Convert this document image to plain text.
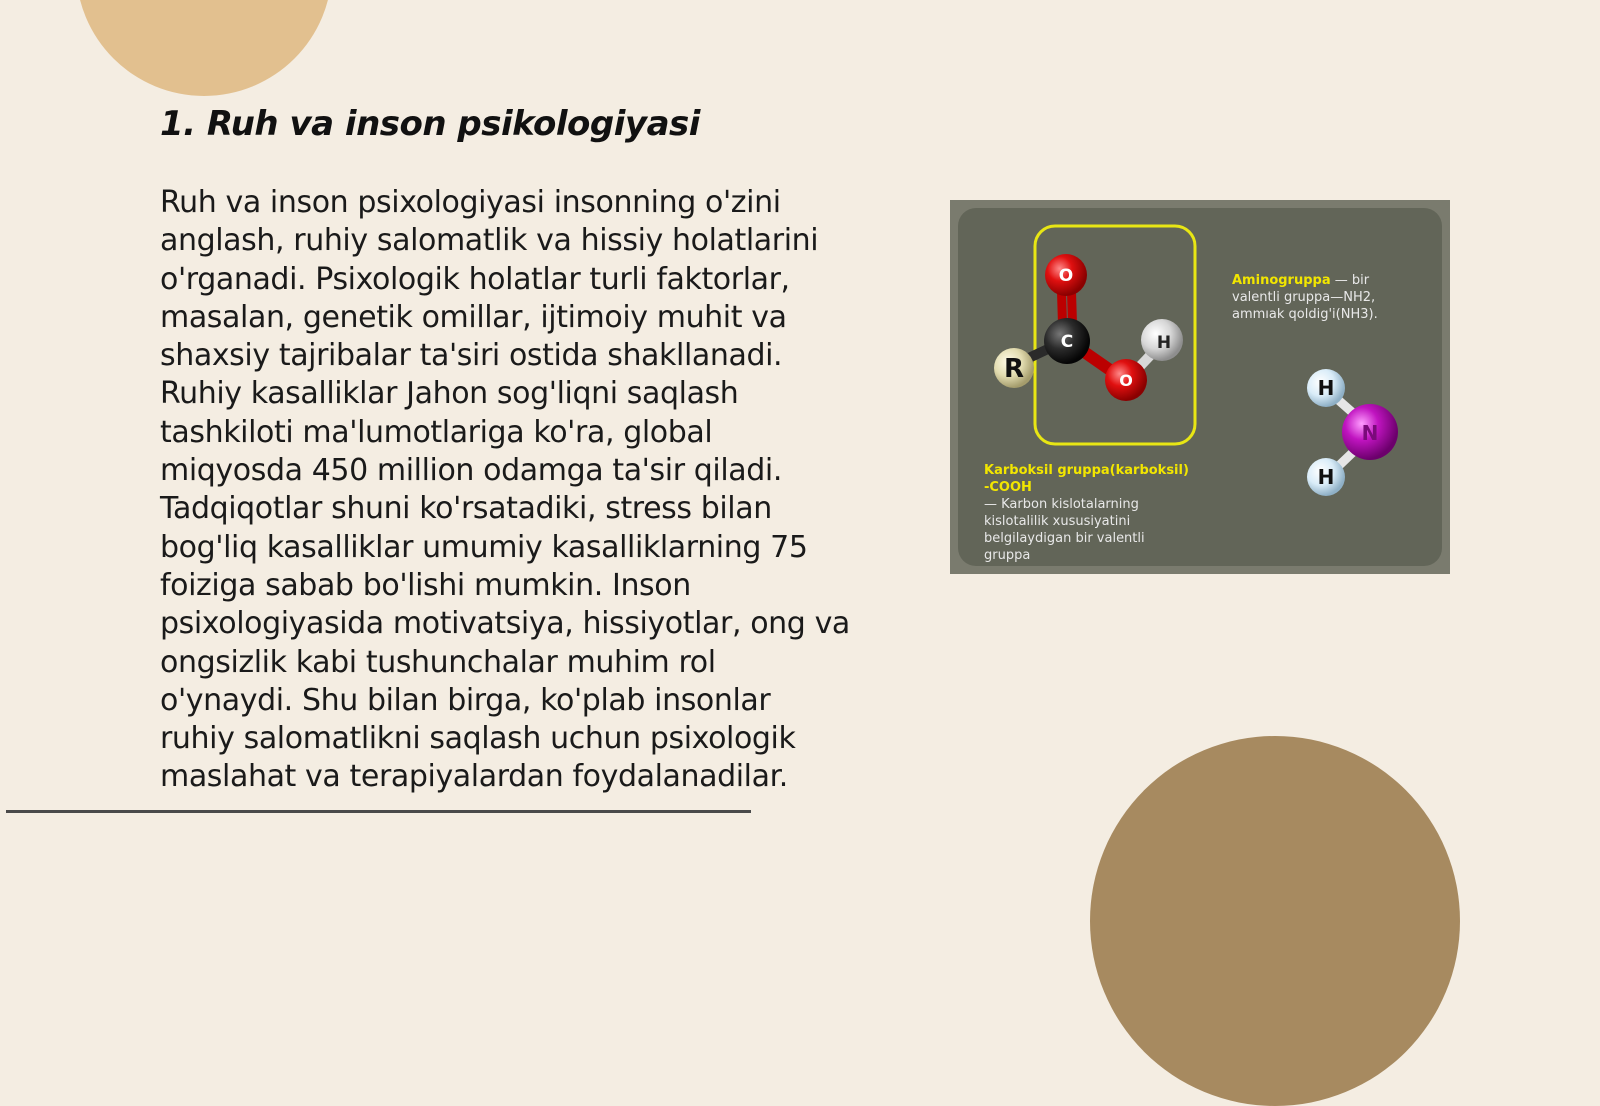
1. Ruh va inson psikologiyasi

Ruh va inson psixologiyasi insonning o'zini anglash, ruhiy salomatlik va hissiy holatlarini o'rganadi. Psixologik holatlar turli faktorlar, masalan, genetik omillar, ijtimoiy muhit va shaxsiy tajribalar ta'siri ostida shakllanadi. Ruhiy kasalliklar Jahon sog'liqni saqlash tashkiloti ma'lumotlariga ko'ra, global miqyosda 450 million odamga ta'sir qiladi. Tadqiqotlar shuni ko'rsatadiki, stress bilan bog'liq kasalliklar umumiy kasalliklarning 75 foiziga sabab bo'lishi mumkin. Inson psixologiyasida motivatsiya, hissiyotlar, ong va ongsizlik kabi tushunchalar muhim rol o'ynaydi. Shu bilan birga, ko'plab insonlar ruhiy salomatlikni saqlash uchun psixologik maslahat va terapiyalardan foydalanadilar.

R
O
C	H
O	H
N
H
Aminogruppa — bir valentli gruppa—NH2, ammıak qoldig'i(NH3).
Karboksil gruppa(karboksil) -COOH
— Karbon kislotalarning kislotalilik xususiyatini belgilaydigan bir valentli gruppa
